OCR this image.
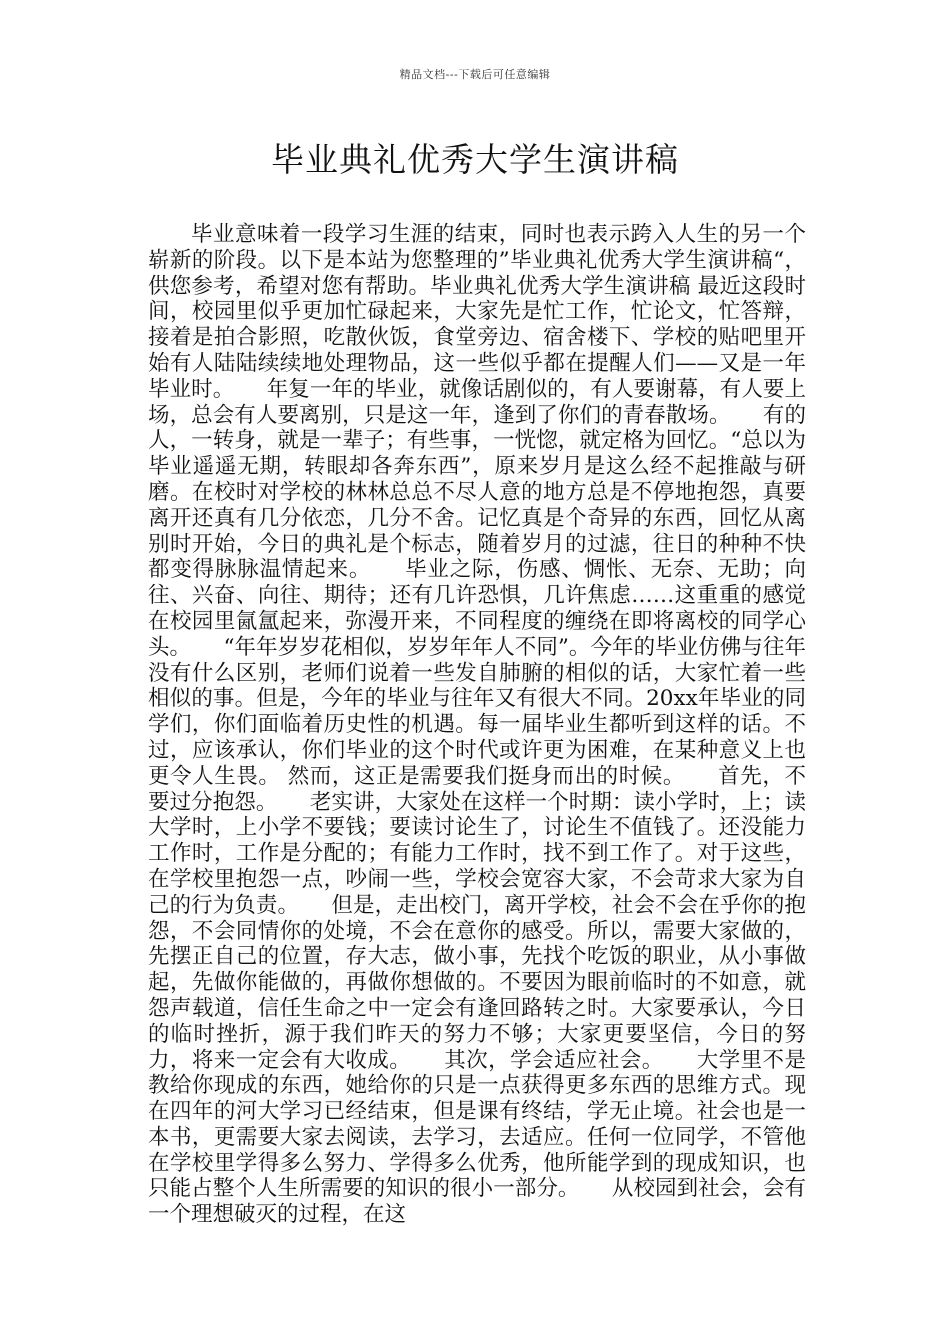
精品文档---下载后可任意编辑
毕业典礼优秀大学生演讲稿

毕业意味着一段学习生涯的结束，同时也表示跨入人生的另一个崭新的阶段。以下是本站为您整理的”毕业典礼优秀大学生演讲稿“，供您参考，希望对您有帮助。毕业典礼优秀大学生演讲稿 最近这段时间，校园里似乎更加忙碌起来，大家先是忙工作，忙论文，忙答辩，接着是拍合影照，吃散伙饭，食堂旁边、宿舍楼下、学校的贴吧里开始有人陆陆续续地处理物品，这一些似乎都在提醒人们——又是一年毕业时。　　年复一年的毕业，就像话剧似的，有人要谢幕，有人要上场，总会有人要离别，只是这一年，逢到了你们的青春散场。　　有的人，一转身，就是一辈子；有些事，一恍惚，就定格为回忆。“总以为毕业遥遥无期，转眼却各奔东西”，原来岁月是这么经不起推敲与研磨。在校时对学校的林林总总不尽人意的地方总是不停地抱怨，真要离开还真有几分依恋，几分不舍。记忆真是个奇异的东西，回忆从离别时开始，今日的典礼是个标志，随着岁月的过滤，往日的种种不快都变得脉脉温情起来。　　毕业之际，伤感、惆怅、无奈、无助；向往、兴奋、向往、期待；还有几许恐惧，几许焦虑……这重重的感觉在校园里氤氲起来，弥漫开来，不同程度的缠绕在即将离校的同学心头。　　“年年岁岁花相似，岁岁年年人不同”。今年的毕业仿佛与往年没有什么区别，老师们说着一些发自肺腑的相似的话，大家忙着一些相似的事。但是，今年的毕业与往年又有很大不同。20xx年毕业的同学们，你们面临着历史性的机遇。每一届毕业生都听到这样的话。不过，应该承认，你们毕业的这个时代或许更为困难，在某种意义上也更令人生畏。 然而，这正是需要我们挺身而出的时候。　　首先，不要过分抱怨。　　老实讲，大家处在这样一个时期：读小学时，上；读大学时，上小学不要钱；要读讨论生了，讨论生不值钱了。还没能力工作时，工作是分配的；有能力工作时，找不到工作了。对于这些，在学校里抱怨一点，吵闹一些，学校会宽容大家，不会苛求大家为自己的行为负责。　　但是，走出校门，离开学校，社会不会在乎你的抱怨，不会同情你的处境，不会在意你的感受。所以，需要大家做的，先摆正自己的位置，存大志，做小事，先找个吃饭的职业，从小事做起，先做你能做的，再做你想做的。不要因为眼前临时的不如意，就怨声载道，信任生命之中一定会有逢回路转之时。大家要承认，今日的临时挫折，源于我们昨天的努力不够；大家更要坚信，今日的努力，将来一定会有大收成。　　其次，学会适应社会。　　大学里不是教给你现成的东西，她给你的只是一点获得更多东西的思维方式。现在四年的河大学习已经结束，但是课有终结，学无止境。社会也是一本书，更需要大家去阅读，去学习，去适应。任何一位同学，不管他在学校里学得多么努力、学得多么优秀，他所能学到的现成知识，也只能占整个人生所需要的知识的很小一部分。　　从校园到社会，会有一个理想破灭的过程，在这
